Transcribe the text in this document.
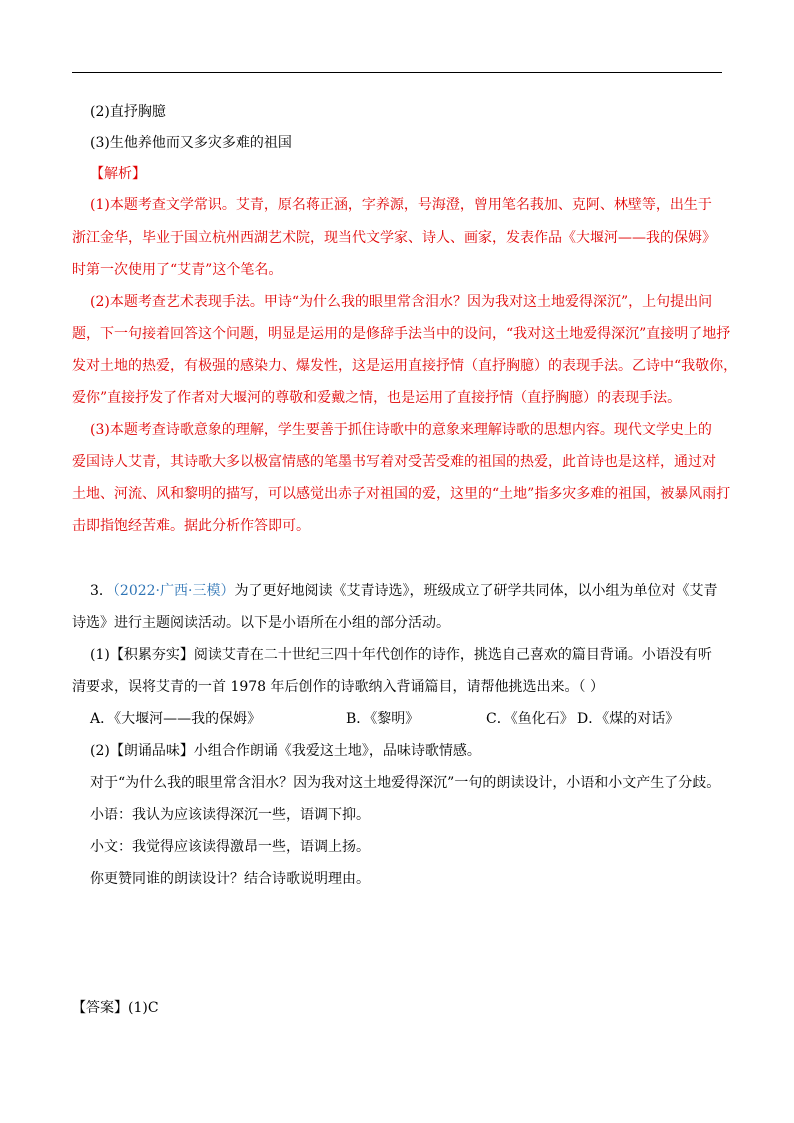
(2)直抒胸臆
(3)生他养他而又多灾多难的祖国
【解析】
(1)本题考查文学常识。艾青，原名蒋正涵，字养源，号海澄，曾用笔名莪加、克阿、林壁等，出生于
浙江金华，毕业于国立杭州西湖艺术院，现当代文学家、诗人、画家，发表作品《大堰河——我的保姆》
时第一次使用了“艾青”这个笔名。
(2)本题考查艺术表现手法。甲诗“为什么我的眼里常含泪水？因为我对这土地爱得深沉”，上句提出问
题，下一句接着回答这个问题，明显是运用的是修辞手法当中的设问，“我对这土地爱得深沉”直接明了地抒
发对土地的热爱，有极强的感染力、爆发性，这是运用直接抒情（直抒胸臆）的表现手法。乙诗中“我敬你，
爱你”直接抒发了作者对大堰河的尊敬和爱戴之情，也是运用了直接抒情（直抒胸臆）的表现手法。
(3)本题考查诗歌意象的理解，学生要善于抓住诗歌中的意象来理解诗歌的思想内容。现代文学史上的
爱国诗人艾青，其诗歌大多以极富情感的笔墨书写着对受苦受难的祖国的热爱，此首诗也是这样，通过对
土地、河流、风和黎明的描写，可以感觉出赤子对祖国的爱，这里的“土地”指多灾多难的祖国，被暴风雨打
击即指饱经苦难。据此分析作答即可。
3．（2022·广西·三模）为了更好地阅读《艾青诗选》，班级成立了研学共同体，以小组为单位对《艾青
诗选》进行主题阅读活动。以下是小语所在小组的部分活动。
(1)【积累夯实】阅读艾青在二十世纪三四十年代创作的诗作，挑选自己喜欢的篇目背诵。小语没有听
清要求，误将艾青的一首 1978 年后创作的诗歌纳入背诵篇目，请帮他挑选出来。（ ）
A．《大堰河——我的保姆》	B．《黎明》	C．《鱼化石》 D．《煤的对话》
(2)【朗诵品味】小组合作朗诵《我爱这土地》，品味诗歌情感。
对于“为什么我的眼里常含泪水？因为我对这土地爱得深沉”一句的朗读设计，小语和小文产生了分歧。
小语：我认为应该读得深沉一些，语调下抑。
小文：我觉得应该读得激昂一些，语调上扬。
你更赞同谁的朗读设计？结合诗歌说明理由。
【答案】(1)C
